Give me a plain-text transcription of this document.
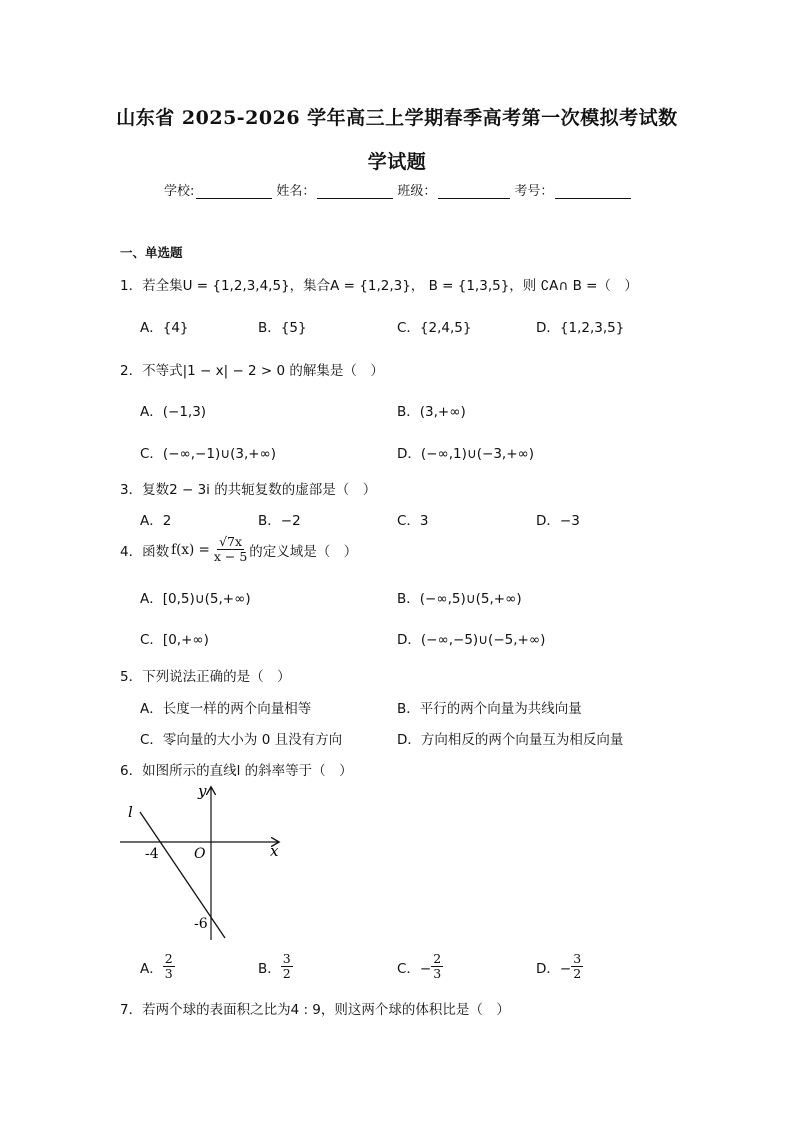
山东省 2025-2026 学年高三上学期春季高考第一次模拟考试数
学试题
学校:	姓名：	班级：	考号：
一、单选题
1．若全集U = {1,2,3,4,5}，集合A = {1,2,3}， B = {1,3,5}，则 ∁A∩ B =（　）
A．{4}	B．{5}	C．{2,4,5}	D．{1,2,3,5}
2．不等式|1 − x| − 2 > 0 的解集是（　）
A．(−1,3)	B．(3,+∞)
C．(−∞,−1)∪(3,+∞)	D．(−∞,1)∪(−3,+∞)
3．复数2 − 3i 的共轭复数的虚部是（　）
A．2	B．−2	C．3	D．−3
4．函数 $f(x) = \frac{√7x}{x - 5}$ 的定义域是（　）
A．[0,5)∪(5,+∞)	B．(−∞,5)∪(5,+∞)
C．[0,+∞)	D．(−∞,−5)∪(−5,+∞)
5．下列说法正确的是（　）
A．长度一样的两个向量相等	B．平行的两个向量为共线向量
C．零向量的大小为 0 且没有方向	D．方向相反的两个向量互为相反向量
6．如图所示的直线l 的斜率等于（　）
l
y
x
O
-4
-6
A． $\frac{2}{3}$	B． $\frac{3}{2}$	C．− $\frac{2}{3}$	D．− $\frac{3}{2}$
7．若两个球的表面积之比为4 : 9，则这两个球的体积比是（　）
